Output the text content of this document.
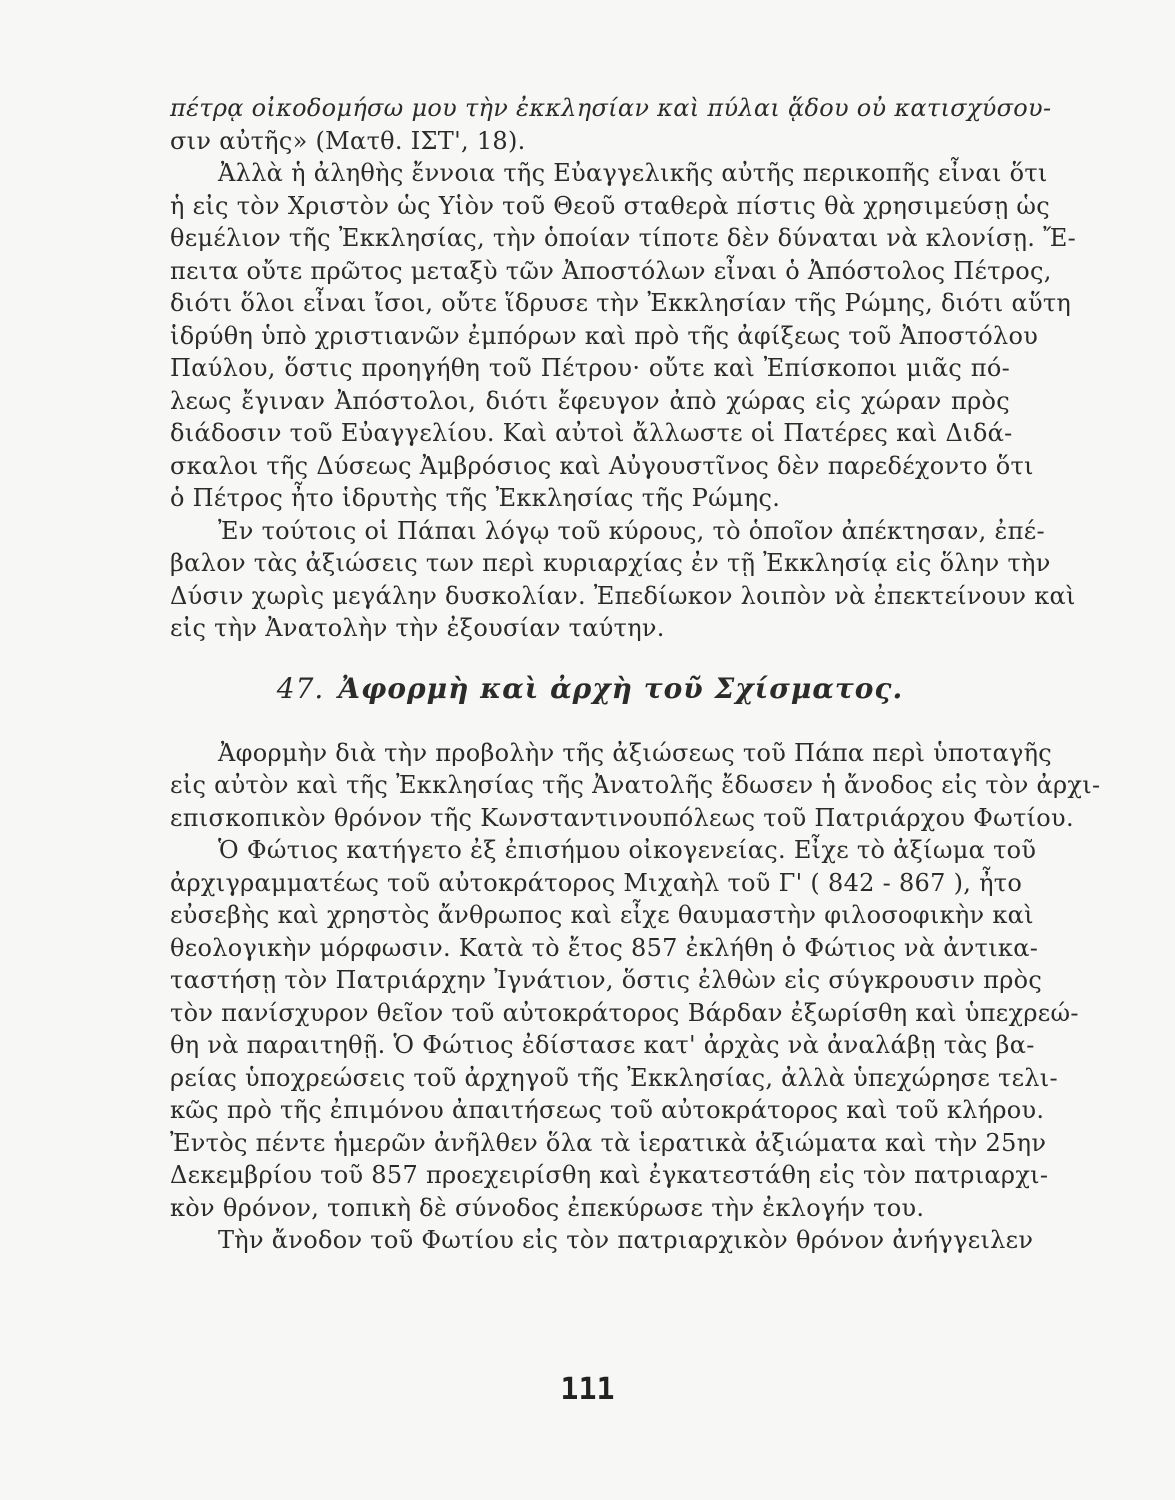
πέτρᾳ οἰκοδομήσω μου τὴν ἐκκλησίαν καὶ πύλαι ᾅδου οὐ κατισχύσου-
σιν αὐτῆς» (Ματθ. ΙΣΤ', 18).
Ἀλλὰ ἡ ἀληθὴς ἔννοια τῆς Εὐαγγελικῆς αὐτῆς περικοπῆς εἶναι ὅτι
ἡ εἰς τὸν Χριστὸν ὡς Υἱὸν τοῦ Θεοῦ σταθερὰ πίστις θὰ χρησιμεύσῃ ὡς
θεμέλιον τῆς Ἐκκλησίας, τὴν ὁποίαν τίποτε δὲν δύναται νὰ κλονίσῃ. Ἔ-
πειτα οὔτε πρῶτος μεταξὺ τῶν Ἀποστόλων εἶναι ὁ Ἀπόστολος Πέτρος,
διότι ὅλοι εἶναι ἴσοι, οὔτε ἵδρυσε τὴν Ἐκκλησίαν τῆς Ρώμης, διότι αὕτη
ἱδρύθη ὑπὸ χριστιανῶν ἐμπόρων καὶ πρὸ τῆς ἀφίξεως τοῦ Ἀποστόλου
Παύλου, ὅστις προηγήθη τοῦ Πέτρου· οὔτε καὶ Ἐπίσκοποι μιᾶς πό-
λεως ἔγιναν Ἀπόστολοι, διότι ἔφευγον ἀπὸ χώρας εἰς χώραν πρὸς
διάδοσιν τοῦ Εὐαγγελίου. Καὶ αὐτοὶ ἄλλωστε οἱ Πατέρες καὶ Διδά-
σκαλοι τῆς Δύσεως Ἀμβρόσιος καὶ Αὐγουστῖνος δὲν παρεδέχοντο ὅτι
ὁ Πέτρος ἦτο ἱδρυτὴς τῆς Ἐκκλησίας τῆς Ρώμης.
Ἐν τούτοις οἱ Πάπαι λόγῳ τοῦ κύρους, τὸ ὁποῖον ἀπέκτησαν, ἐπέ-
βαλον τὰς ἀξιώσεις των περὶ κυριαρχίας ἐν τῇ Ἐκκλησίᾳ εἰς ὅλην τὴν
Δύσιν χωρὶς μεγάλην δυσκολίαν. Ἐπεδίωκον λοιπὸν νὰ ἐπεκτείνουν καὶ
εἰς τὴν Ἀνατολὴν τὴν ἐξουσίαν ταύτην.
47. Ἀφορμὴ καὶ ἀρχὴ τοῦ Σχίσματος.
Ἀφορμὴν διὰ τὴν προβολὴν τῆς ἀξιώσεως τοῦ Πάπα περὶ ὑποταγῆς
εἰς αὐτὸν καὶ τῆς Ἐκκλησίας τῆς Ἀνατολῆς ἔδωσεν ἡ ἄνοδος εἰς τὸν ἀρχι-
επισκοπικὸν θρόνον τῆς Κωνσταντινουπόλεως τοῦ Πατριάρχου Φωτίου.
Ὁ Φώτιος κατήγετο ἐξ ἐπισήμου οἰκογενείας. Εἶχε τὸ ἀξίωμα τοῦ
ἀρχιγραμματέως τοῦ αὐτοκράτορος Μιχαὴλ τοῦ Γ' ( 842 - 867 ), ἦτο
εὐσεβὴς καὶ χρηστὸς ἄνθρωπος καὶ εἶχε θαυμαστὴν φιλοσοφικὴν καὶ
θεολογικὴν μόρφωσιν. Κατὰ τὸ ἔτος 857 ἐκλήθη ὁ Φώτιος νὰ ἀντικα-
ταστήσῃ τὸν Πατριάρχην Ἰγνάτιον, ὅστις ἐλθὼν εἰς σύγκρουσιν πρὸς
τὸν πανίσχυρον θεῖον τοῦ αὐτοκράτορος Βάρδαν ἐξωρίσθη καὶ ὑπεχρεώ-
θη νὰ παραιτηθῇ. Ὁ Φώτιος ἐδίστασε κατ' ἀρχὰς νὰ ἀναλάβῃ τὰς βα-
ρείας ὑποχρεώσεις τοῦ ἀρχηγοῦ τῆς Ἐκκλησίας, ἀλλὰ ὑπεχώρησε τελι-
κῶς πρὸ τῆς ἐπιμόνου ἀπαιτήσεως τοῦ αὐτοκράτορος καὶ τοῦ κλήρου.
Ἐντὸς πέντε ἡμερῶν ἀνῆλθεν ὅλα τὰ ἱερατικὰ ἀξιώματα καὶ τὴν 25ην
Δεκεμβρίου τοῦ 857 προεχειρίσθη καὶ ἐγκατεστάθη εἰς τὸν πατριαρχι-
κὸν θρόνον, τοπικὴ δὲ σύνοδος ἐπεκύρωσε τὴν ἐκλογήν του.
Τὴν ἄνοδον τοῦ Φωτίου εἰς τὸν πατριαρχικὸν θρόνον ἀνήγγειλεν
111
